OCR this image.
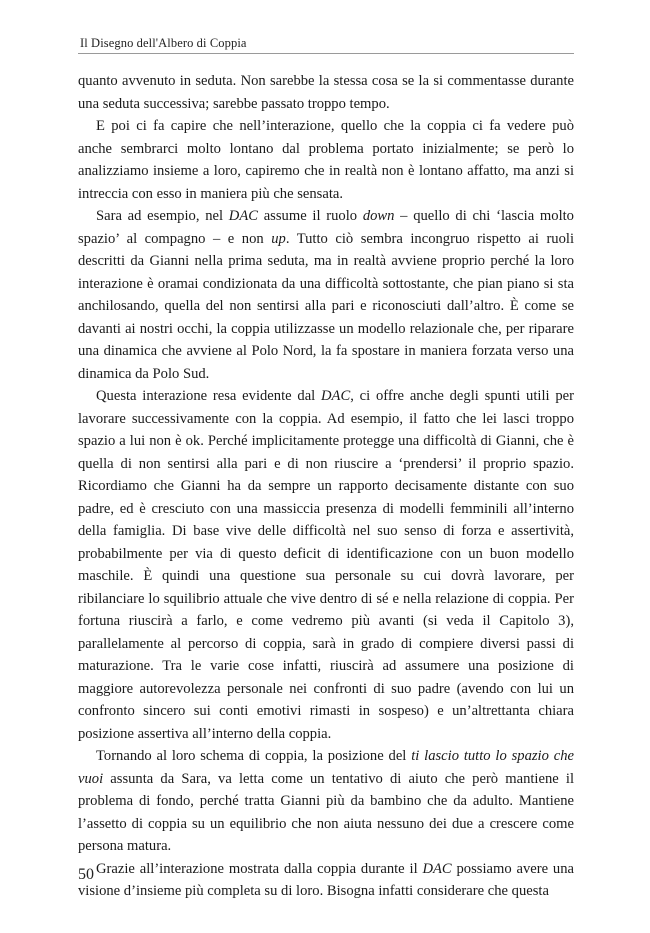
Il Disegno dell'Albero di Coppia

quanto avvenuto in seduta. Non sarebbe la stessa cosa se la si commentasse durante una seduta successiva; sarebbe passato troppo tempo.

E poi ci fa capire che nell’interazione, quello che la coppia ci fa vedere può anche sembrarci molto lontano dal problema portato inizialmente; se però lo analizziamo insieme a loro, capiremo che in realtà non è lontano affatto, ma anzi si intreccia con esso in maniera più che sensata.

Sara ad esempio, nel DAC assume il ruolo down – quello di chi ‘lascia molto spazio’ al compagno – e non up. Tutto ciò sembra incongruo rispetto ai ruoli descritti da Gianni nella prima seduta, ma in realtà avviene proprio perché la loro interazione è oramai condizionata da una difficoltà sottostante, che pian piano si sta anchilosando, quella del non sentirsi alla pari e riconosciuti dall’altro. È come se davanti ai nostri occhi, la coppia utilizzasse un modello relazionale che, per riparare una dinamica che avviene al Polo Nord, la fa spostare in maniera forzata verso una dinamica da Polo Sud.

Questa interazione resa evidente dal DAC, ci offre anche degli spunti utili per lavorare successivamente con la coppia. Ad esempio, il fatto che lei lasci troppo spazio a lui non è ok. Perché implicitamente protegge una difficoltà di Gianni, che è quella di non sentirsi alla pari e di non riuscire a ‘prendersi’ il proprio spazio. Ricordiamo che Gianni ha da sempre un rapporto decisamente distante con suo padre, ed è cresciuto con una massiccia presenza di modelli femminili all’interno della famiglia. Di base vive delle difficoltà nel suo senso di forza e assertività, probabilmente per via di questo deficit di identificazione con un buon modello maschile. È quindi una questione sua personale su cui dovrà lavorare, per ribilanciare lo squilibrio attuale che vive dentro di sé e nella relazione di coppia. Per fortuna riuscirà a farlo, e come vedremo più avanti (si veda il Capitolo 3), parallelamente al percorso di coppia, sarà in grado di compiere diversi passi di maturazione. Tra le varie cose infatti, riuscirà ad assumere una posizione di maggiore autorevolezza personale nei confronti di suo padre (avendo con lui un confronto sincero sui conti emotivi rimasti in sospeso) e un’altrettanta chiara posizione assertiva all’interno della coppia.

Tornando al loro schema di coppia, la posizione del ti lascio tutto lo spazio che vuoi assunta da Sara, va letta come un tentativo di aiuto che però mantiene il problema di fondo, perché tratta Gianni più da bambino che da adulto. Mantiene l’assetto di coppia su un equilibrio che non aiuta nessuno dei due a crescere come persona matura.

Grazie all’interazione mostrata dalla coppia durante il DAC possiamo avere una visione d’insieme più completa su di loro. Bisogna infatti considerare che questa

50
